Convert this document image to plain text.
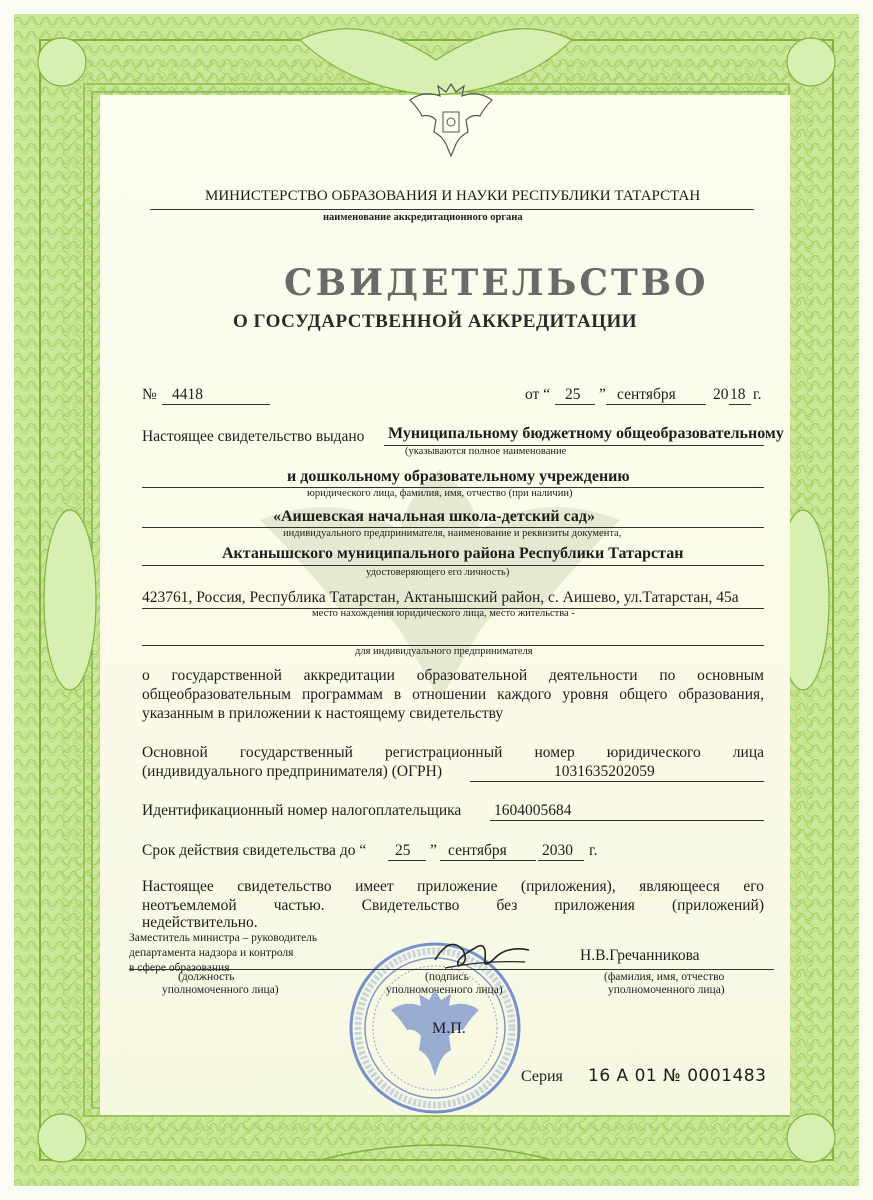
МИНИСТЕРСТВО ОБРАЗОВАНИЯ И НАУКИ РЕСПУБЛИКИ ТАТАРСТАН
наименование аккредитационного органа
СВИДЕТЕЛЬСТВО
О ГОСУДАРСТВЕННОЙ АККРЕДИТАЦИИ
№ 4418	от “ 25 ” сентября 20 18 г.
Настоящее свидетельство выдано Муниципальному бюджетному общеобразовательному
(указываются полное наименование
и дошкольному образовательному учреждению
юридического лица, фамилия, имя, отчество (при наличии)
«Аишевская начальная школа-детский сад»
индивидуального предпринимателя, наименование и реквизиты документа,
Актанышского муниципального района Республики Татарстан
удостоверяющего его личность)
423761, Россия, Республика Татарстан, Актанышский район, с. Аишево, ул.Татарстан, 45а
место нахождения юридического лица, место жительства -
для индивидуального предпринимателя
о государственной аккредитации образовательной деятельности по основным
общеобразовательным программам в отношении каждого уровня общего образования,
указанным в приложении к настоящему свидетельству
Основной государственный регистрационный номер юридического лица
(индивидуального предпринимателя) (ОГРН)	1031635202059
Идентификационный номер налогоплательщика 1604005684
Срок действия свидетельства до “ 25 ” сентября 2030 г.
Настоящее свидетельство имеет приложение (приложения), являющееся его
неотъемлемой частью. Свидетельство без приложения (приложений)
недействительно.
Заместитель министра – руководитель
департамента надзора и контроля
в сфере образования
(должность
уполномоченного лица)
(подпись
уполномоченного лица)
Н.В.Гречанникова
(фамилия, имя, отчество
уполномоченного лица)
М.П.
Серия 16 А 01 № 0001483
